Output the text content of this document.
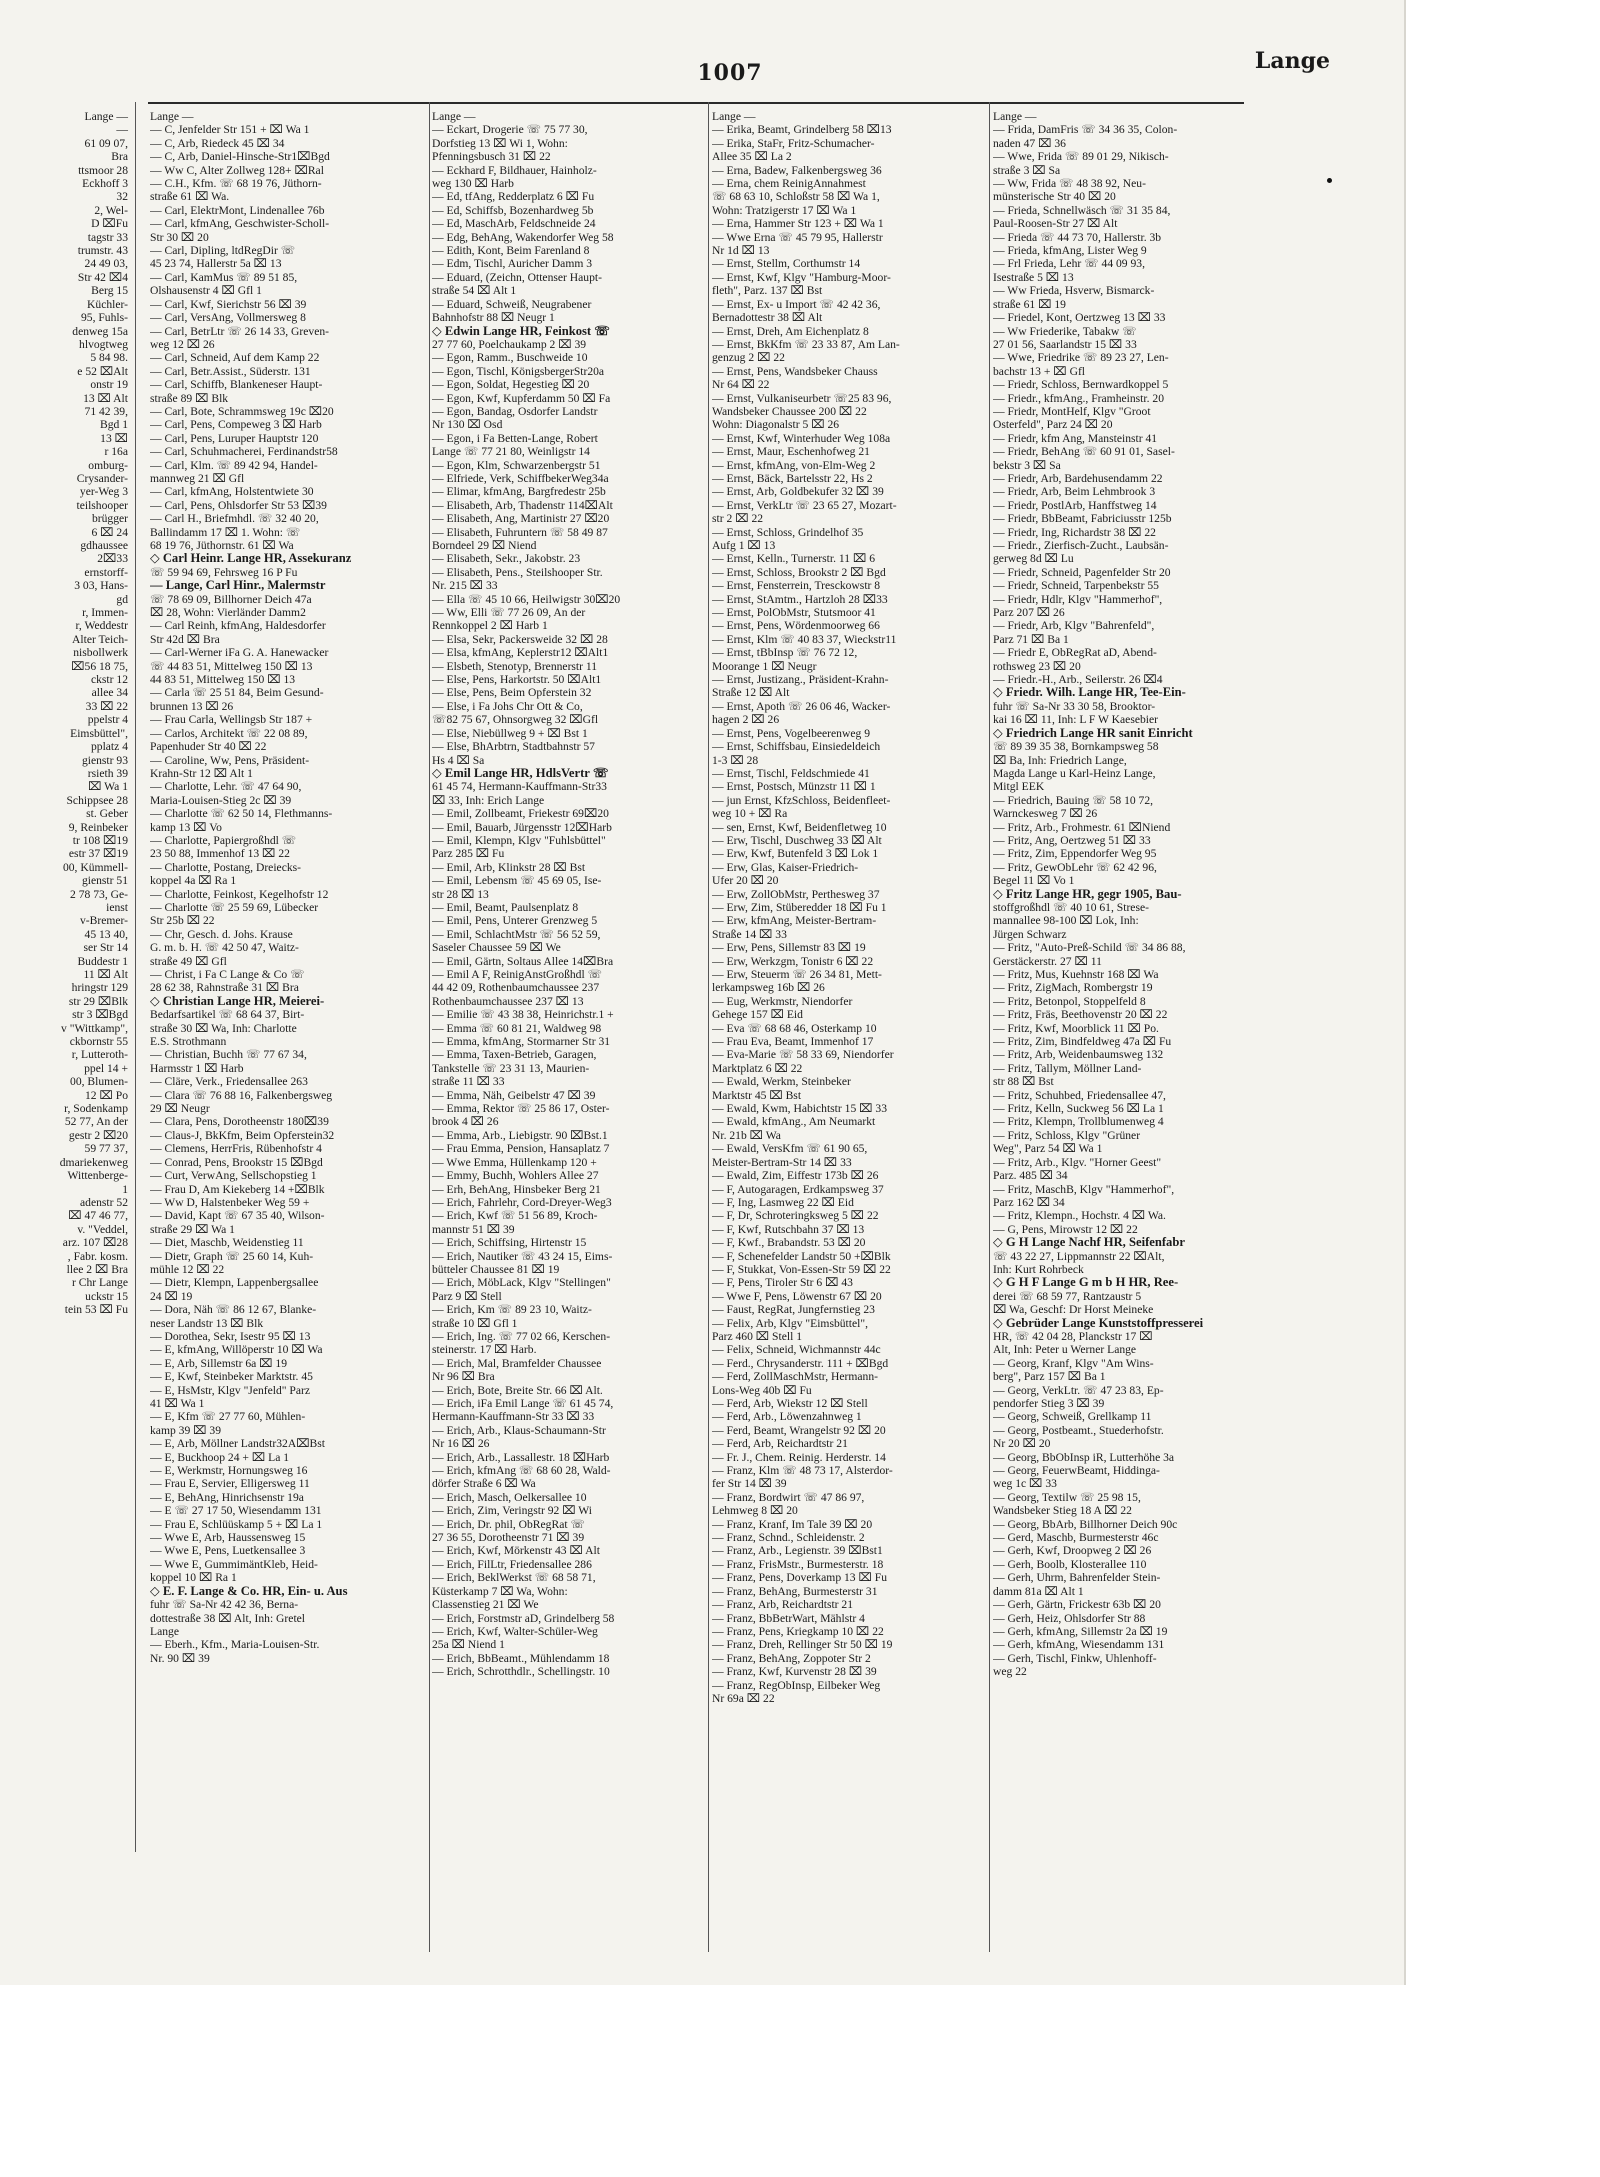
1007	Lange
Lange —
—
61 09 07,
Bra
ttsmoor 28
Eckhoff 3
32
2, Wel-
D ⌧Fu
tagstr 33
trumstr. 43
24 49 03,
Str 42 ⌧4
Berg 15
Küchler-
95, Fuhls-
denweg 15a
hlvogtweg
5 84 98.
e 52 ⌧Alt
onstr 19
13 ⌧ Alt
71 42 39,
Bgd 1
13 ⌧
r 16a
omburg-
Crysander-
yer-Weg 3
teilshooper
brügger
6 ⌧ 24
gdhaussee
2⌧33
ernstorff-
3 03, Hans-
gd
r, Immen-
r, Weddestr
Alter Teich-
nisbollwerk
⌧56 18 75,
ckstr 12
allee 34
33 ⌧ 22
ppelstr 4
Eimsbüttel",
pplatz 4
gienstr 93
rsieth 39
⌧ Wa 1
Schippsee 28
st. Geber
9, Reinbeker
tr 108 ⌧19
estr 37 ⌧19
00, Kümmell-
gienstr 51
2 78 73, Ge-
ienst
v-Bremer-
45 13 40,
ser Str 14
Buddestr 1
11 ⌧ Alt
hringstr 129
str 29 ⌧Blk
str 3 ⌧Bgd
v "Wittkamp",
ckbornstr 55
r, Lutteroth-
ppel 14 +
00, Blumen-
12 ⌧ Po
r, Sodenkamp
52 77, An der
gestr 2 ⌧20
59 77 37,
dmariekenweg
Wittenberge-
1
adenstr 52
⌧ 47 46 77,
v. "Veddel,
arz. 107 ⌧28
, Fabr. kosm.
llee 2 ⌧ Bra
r Chr Lange
uckstr 15
tein 53 ⌧ Fu
Lange —
— C, Jenfelder Str 151 + ⌧ Wa 1
— C, Arb, Riedeck 45 ⌧ 34
— C, Arb, Daniel-Hinsche-Str1⌧Bgd
— Ww C, Alter Zollweg 128+ ⌧Ral
— C.H., Kfm. ☏ 68 19 76, Jüthorn-
straße 61 ⌧ Wa.
— Carl, ElektrMont, Lindenallee 76b
— Carl, kfmAng, Geschwister-Scholl-
Str 30 ⌧ 20
— Carl, Dipling, ltdRegDir ☏
45 23 74, Hallerstr 5a ⌧ 13
— Carl, KamMus ☏ 89 51 85,
Olshausenstr 4 ⌧ Gfl 1
— Carl, Kwf, Sierichstr 56 ⌧ 39
— Carl, VersAng, Vollmersweg 8
— Carl, BetrLtr ☏ 26 14 33, Greven-
weg 12 ⌧ 26
— Carl, Schneid, Auf dem Kamp 22
— Carl, Betr.Assist., Süderstr. 131
— Carl, Schiffb, Blankeneser Haupt-
straße 89 ⌧ Blk
— Carl, Bote, Schrammsweg 19c ⌧20
— Carl, Pens, Compeweg 3 ⌧ Harb
— Carl, Pens, Luruper Hauptstr 120
— Carl, Schuhmacherei, Ferdinandstr58
— Carl, Klm. ☏ 89 42 94, Handel-
mannweg 21 ⌧ Gfl
— Carl, kfmAng, Holstentwiete 30
— Carl, Pens, Ohlsdorfer Str 53 ⌧39
— Carl H., Briefmhdl. ☏ 32 40 20,
Ballindamm 17 ⌧ 1. Wohn: ☏
68 19 76, Jüthornstr. 61 ⌧ Wa
◇ Carl Heinr. Lange HR, Assekuranz
☏ 59 94 69, Fehrsweg 16 P Fu
— Lange, Carl Hinr., Malermstr
☏ 78 69 09, Billhorner Deich 47a
⌧ 28, Wohn: Vierländer Damm2
— Carl Reinh, kfmAng, Haldesdorfer
Str 42d ⌧ Bra
— Carl-Werner iFa G. A. Hanewacker
☏ 44 83 51, Mittelweg 150 ⌧ 13
44 83 51, Mittelweg 150 ⌧ 13
— Carla ☏ 25 51 84, Beim Gesund-
brunnen 13 ⌧ 26
— Frau Carla, Wellingsb Str 187 +
— Carlos, Architekt ☏ 22 08 89,
Papenhuder Str 40 ⌧ 22
— Caroline, Ww, Pens, Präsident-
Krahn-Str 12 ⌧ Alt 1
— Charlotte, Lehr. ☏ 47 64 90,
Maria-Louisen-Stieg 2c ⌧ 39
— Charlotte ☏ 62 50 14, Flethmanns-
kamp 13 ⌧ Vo
— Charlotte, Papiergroßhdl ☏
23 50 88, Immenhof 13 ⌧ 22
— Charlotte, Postang, Dreiecks-
koppel 4a ⌧ Ra 1
— Charlotte, Feinkost, Kegelhofstr 12
— Charlotte ☏ 25 59 69, Lübecker
Str 25b ⌧ 22
— Chr, Gesch. d. Johs. Krause
G. m. b. H. ☏ 42 50 47, Waitz-
straße 49 ⌧ Gfl
— Christ, i Fa C Lange & Co ☏
28 62 38, Rahnstraße 31 ⌧ Bra
◇ Christian Lange HR, Meierei-
Bedarfsartikel ☏ 68 64 37, Birt-
straße 30 ⌧ Wa, Inh: Charlotte
E.S. Strothmann
— Christian, Buchh ☏ 77 67 34,
Harmsstr 1 ⌧ Harb
— Cläre, Verk., Friedensallee 263
— Clara ☏ 76 88 16, Falkenbergsweg
29 ⌧ Neugr
— Clara, Pens, Dorotheenstr 180⌧39
— Claus-J, BkKfm, Beim Opferstein32
— Clemens, HerrFris, Rübenhofstr 4
— Conrad, Pens, Brookstr 15 ⌧Bgd
— Curt, VerwAng, Sellschopstieg 1
— Frau D, Am Kiekeberg 14 +⌧Blk
— Ww D, Halstenbeker Weg 59 +
— David, Kapt ☏ 67 35 40, Wilson-
straße 29 ⌧ Wa 1
— Diet, Maschb, Weidenstieg 11
— Dietr, Graph ☏ 25 60 14, Kuh-
mühle 12 ⌧ 22
— Dietr, Klempn, Lappenbergsallee
24 ⌧ 19
— Dora, Näh ☏ 86 12 67, Blanke-
neser Landstr 13 ⌧ Blk
— Dorothea, Sekr, Isestr 95 ⌧ 13
— E, kfmAng, Willöperstr 10 ⌧ Wa
— E, Arb, Sillemstr 6a ⌧ 19
— E, Kwf, Steinbeker Marktstr. 45
— E, HsMstr, Klgv "Jenfeld" Parz
41 ⌧ Wa 1
— E, Kfm ☏ 27 77 60, Mühlen-
kamp 39 ⌧ 39
— E, Arb, Möllner Landstr32A⌧Bst
— E, Buckhoop 24 + ⌧ La 1
— E, Werkmstr, Hornungsweg 16
— Frau E, Servier, Elligersweg 11
— E, BehAng, Hinrichsenstr 19a
— E ☏ 27 17 50, Wiesendamm 131
— Frau E, Schlüüskamp 5 + ⌧ La 1
— Wwe E, Arb, Haussensweg 15
— Wwe E, Pens, Luetkensallee 3
— Wwe E, GummimäntKleb, Heid-
koppel 10 ⌧ Ra 1
◇ E. F. Lange & Co. HR, Ein- u. Aus
fuhr ☏ Sa-Nr 42 42 36, Berna-
dottestraße 38 ⌧ Alt, Inh: Gretel
Lange
— Eberh., Kfm., Maria-Louisen-Str.
Nr. 90 ⌧ 39
Lange —
— Eckart, Drogerie ☏ 75 77 30,
Dorfstieg 13 ⌧ Wi 1, Wohn:
Pfenningsbusch 31 ⌧ 22
— Eckhard F, Bildhauer, Hainholz-
weg 130 ⌧ Harb
— Ed, tfAng, Redderplatz 6 ⌧ Fu
— Ed, Schiffsb, Bozenhardweg 5b
— Ed, MaschArb, Feldschneide 24
— Edg, BehAng, Wakendorfer Weg 58
— Edith, Kont, Beim Farenland 8
— Edm, Tischl, Auricher Damm 3
— Eduard, (Zeichn, Ottenser Haupt-
straße 54 ⌧ Alt 1
— Eduard, Schweiß, Neugrabener
Bahnhofstr 88 ⌧ Neugr 1
◇ Edwin Lange HR, Feinkost ☏
27 77 60, Poelchaukamp 2 ⌧ 39
— Egon, Ramm., Buschweide 10
— Egon, Tischl, KönigsbergerStr20a
— Egon, Soldat, Hegestieg ⌧ 20
— Egon, Kwf, Kupferdamm 50 ⌧ Fa
— Egon, Bandag, Osdorfer Landstr
Nr 130 ⌧ Osd
— Egon, i Fa Betten-Lange, Robert
Lange ☏ 77 21 80, Weinligstr 14
— Egon, Klm, Schwarzenbergstr 51
— Elfriede, Verk, SchiffbekerWeg34a
— Elimar, kfmAng, Bargfredestr 25b
— Elisabeth, Arb, Thadenstr 114⌧Alt
— Elisabeth, Ang, Martinistr 27 ⌧20
— Elisabeth, Fuhruntern ☏ 58 49 87
Borndeel 29 ⌧ Niend
— Elisabeth, Sekr., Jakobstr. 23
— Elisabeth, Pens., Steilshooper Str.
Nr. 215 ⌧ 33
— Ella ☏ 45 10 66, Heilwigstr 30⌧20
— Ww, Elli ☏ 77 26 09, An der
Rennkoppel 2 ⌧ Harb 1
— Elsa, Sekr, Packersweide 32 ⌧ 28
— Elsa, kfmAng, Keplerstr12 ⌧Alt1
— Elsbeth, Stenotyp, Brennerstr 11
— Else, Pens, Harkortstr. 50 ⌧Alt1
— Else, Pens, Beim Opferstein 32
— Else, i Fa Johs Chr Ott & Co,
☏82 75 67, Ohnsorgweg 32 ⌧Gfl
— Else, Niebüllweg 9 + ⌧ Bst 1
— Else, BhArbtrn, Stadtbahnstr 57
Hs 4 ⌧ Sa
◇ Emil Lange HR, HdlsVertr ☏
61 45 74, Hermann-Kauffmann-Str33
⌧ 33, Inh: Erich Lange
— Emil, Zollbeamt, Friekestr 69⌧20
— Emil, Bauarb, Jürgensstr 12⌧Harb
— Emil, Klempn, Klgv "Fuhlsbüttel"
Parz 285 ⌧ Fu
— Emil, Arb, Klinkstr 28 ⌧ Bst
— Emil, Lebensm ☏ 45 69 05, Ise-
str 28 ⌧ 13
— Emil, Beamt, Paulsenplatz 8
— Emil, Pens, Unterer Grenzweg 5
— Emil, SchlachtMstr ☏ 56 52 59,
Saseler Chaussee 59 ⌧ We
— Emil, Gärtn, Soltaus Allee 14⌧Bra
— Emil A F, ReinigAnstGroßhdl ☏
44 42 09, Rothenbaumchaussee 237
Rothenbaumchaussee 237 ⌧ 13
— Emilie ☏ 43 38 38, Heinrichstr.1 +
— Emma ☏ 60 81 21, Waldweg 98
— Emma, kfmAng, Stormarner Str 31
— Emma, Taxen-Betrieb, Garagen,
Tankstelle ☏ 23 31 13, Maurien-
straße 11 ⌧ 33
— Emma, Näh, Geibelstr 47 ⌧ 39
— Emma, Rektor ☏ 25 86 17, Oster-
brook 4 ⌧ 26
— Emma, Arb., Liebigstr. 90 ⌧Bst.1
— Frau Emma, Pension, Hansaplatz 7
— Wwe Emma, Hüllenkamp 120 +
— Emmy, Buchh, Wohlers Allee 27
— Erh, BehAng, Hinsbeker Berg 21
— Erich, Fahrlehr, Cord-Dreyer-Weg3
— Erich, Kwf ☏ 51 56 89, Kroch-
mannstr 51 ⌧ 39
— Erich, Schiffsing, Hirtenstr 15
— Erich, Nautiker ☏ 43 24 15, Eims-
bütteler Chaussee 81 ⌧ 19
— Erich, MöbLack, Klgv "Stellingen"
Parz 9 ⌧ Stell
— Erich, Km ☏ 89 23 10, Waitz-
straße 10 ⌧ Gfl 1
— Erich, Ing. ☏ 77 02 66, Kerschen-
steinerstr. 17 ⌧ Harb.
— Erich, Mal, Bramfelder Chaussee
Nr 96 ⌧ Bra
— Erich, Bote, Breite Str. 66 ⌧ Alt.
— Erich, iFa Emil Lange ☏ 61 45 74,
Hermann-Kauffmann-Str 33 ⌧ 33
— Erich, Arb., Klaus-Schaumann-Str
Nr 16 ⌧ 26
— Erich, Arb., Lassallestr. 18 ⌧Harb
— Erich, kfmAng ☏ 68 60 28, Wald-
dörfer Straße 6 ⌧ Wa
— Erich, Masch, Oelkersallee 10
— Erich, Zim, Veringstr 92 ⌧ Wi
— Erich, Dr. phil, ObRegRat ☏
27 36 55, Dorotheenstr 71 ⌧ 39
— Erich, Kwf, Mörkenstr 43 ⌧ Alt
— Erich, FilLtr, Friedensallee 286
— Erich, BeklWerkst ☏ 68 58 71,
Küsterkamp 7 ⌧ Wa, Wohn:
Classenstieg 21 ⌧ We
— Erich, Forstmstr aD, Grindelberg 58
— Erich, Kwf, Walter-Schüler-Weg
25a ⌧ Niend 1
— Erich, BbBeamt., Mühlendamm 18
— Erich, Schrotthdlr., Schellingstr. 10
Lange —
— Erika, Beamt, Grindelberg 58 ⌧13
— Erika, StaFr, Fritz-Schumacher-
Allee 35 ⌧ La 2
— Erna, Badew, Falkenbergsweg 36
— Erna, chem ReinigAnnahmest
☏ 68 63 10, Schloßstr 58 ⌧ Wa 1,
Wohn: Tratzigerstr 17 ⌧ Wa 1
— Erna, Hammer Str 123 + ⌧ Wa 1
— Wwe Erna ☏ 45 79 95, Hallerstr
Nr 1d ⌧ 13
— Ernst, Stellm, Corthumstr 14
— Ernst, Kwf, Klgv "Hamburg-Moor-
fleth", Parz. 137 ⌧ Bst
— Ernst, Ex- u Import ☏ 42 42 36,
Bernadottestr 38 ⌧ Alt
— Ernst, Dreh, Am Eichenplatz 8
— Ernst, BkKfm ☏ 23 33 87, Am Lan-
genzug 2 ⌧ 22
— Ernst, Pens, Wandsbeker Chauss
Nr 64 ⌧ 22
— Ernst, Vulkaniseurbetr ☏25 83 96,
Wandsbeker Chaussee 200 ⌧ 22
Wohn: Diagonalstr 5 ⌧ 26
— Ernst, Kwf, Winterhuder Weg 108a
— Ernst, Maur, Eschenhofweg 21
— Ernst, kfmAng, von-Elm-Weg 2
— Ernst, Bäck, Bartelsstr 22, Hs 2
— Ernst, Arb, Goldbekufer 32 ⌧ 39
— Ernst, VerkLtr ☏ 23 65 27, Mozart-
str 2 ⌧ 22
— Ernst, Schloss, Grindelhof 35
Aufg 1 ⌧ 13
— Ernst, Kelln., Turnerstr. 11 ⌧ 6
— Ernst, Schloss, Brookstr 2 ⌧ Bgd
— Ernst, Fensterrein, Tresckowstr 8
— Ernst, StAmtm., Hartzloh 28 ⌧33
— Ernst, PolObMstr, Stutsmoor 41
— Ernst, Pens, Wördenmoorweg 66
— Ernst, Klm ☏ 40 83 37, Wieckstr11
— Ernst, tBbInsp ☏ 76 72 12,
Moorange 1 ⌧ Neugr
— Ernst, Justizang., Präsident-Krahn-
Straße 12 ⌧ Alt
— Ernst, Apoth ☏ 26 06 46, Wacker-
hagen 2 ⌧ 26
— Ernst, Pens, Vogelbeerenweg 9
— Ernst, Schiffsbau, Einsiedeldeich
1-3 ⌧ 28
— Ernst, Tischl, Feldschmiede 41
— Ernst, Postsch, Münzstr 11 ⌧ 1
— jun Ernst, KfzSchloss, Beidenfleet-
weg 10 + ⌧ Ra
— sen, Ernst, Kwf, Beidenfletweg 10
— Erw, Tischl, Duschweg 33 ⌧ Alt
— Erw, Kwf, Butenfeld 3 ⌧ Lok 1
— Erw, Glas, Kaiser-Friedrich-
Ufer 20 ⌧ 20
— Erw, ZollObMstr, Perthesweg 37
— Erw, Zim, Stüberedder 18 ⌧ Fu 1
— Erw, kfmAng, Meister-Bertram-
Straße 14 ⌧ 33
— Erw, Pens, Sillemstr 83 ⌧ 19
— Erw, Werkzgm, Tonistr 6 ⌧ 22
— Erw, Steuerm ☏ 26 34 81, Mett-
lerkampsweg 16b ⌧ 26
— Eug, Werkmstr, Niendorfer
Gehege 157 ⌧ Eid
— Eva ☏ 68 68 46, Osterkamp 10
— Frau Eva, Beamt, Immenhof 17
— Eva-Marie ☏ 58 33 69, Niendorfer
Marktplatz 6 ⌧ 22
— Ewald, Werkm, Steinbeker
Marktstr 45 ⌧ Bst
— Ewald, Kwm, Habichtstr 15 ⌧ 33
— Ewald, kfmAng., Am Neumarkt
Nr. 21b ⌧ Wa
— Ewald, VersKfm ☏ 61 90 65,
Meister-Bertram-Str 14 ⌧ 33
— Ewald, Zim, Eiffestr 173b ⌧ 26
— F, Autogaragen, Erdkampsweg 37
— F, Ing, Lasmweg 22 ⌧ Eid
— F, Dr, Schroteringksweg 5 ⌧ 22
— F, Kwf, Rutschbahn 37 ⌧ 13
— F, Kwf., Brabandstr. 53 ⌧ 20
— F, Schenefelder Landstr 50 +⌧Blk
— F, Stukkat, Von-Essen-Str 59 ⌧ 22
— F, Pens, Tiroler Str 6 ⌧ 43
— Wwe F, Pens, Löwenstr 67 ⌧ 20
— Faust, RegRat, Jungfernstieg 23
— Felix, Arb, Klgv "Eimsbüttel",
Parz 460 ⌧ Stell 1
— Felix, Schneid, Wichmannstr 44c
— Ferd., Chrysanderstr. 111 + ⌧Bgd
— Ferd, ZollMaschMstr, Hermann-
Lons-Weg 40b ⌧ Fu
— Ferd, Arb, Wiekstr 12 ⌧ Stell
— Ferd, Arb., Löwenzahnweg 1
— Ferd, Beamt, Wrangelstr 92 ⌧ 20
— Ferd, Arb, Reichardtstr 21
— Fr. J., Chem. Reinig. Herderstr. 14
— Franz, Klm ☏ 48 73 17, Alsterdor-
fer Str 14 ⌧ 39
— Franz, Bordwirt ☏ 47 86 97,
Lehmweg 8 ⌧ 20
— Franz, Kranf, Im Tale 39 ⌧ 20
— Franz, Schnd., Schleidenstr. 2
— Franz, Arb., Legienstr. 39 ⌧Bst1
— Franz, FrisMstr., Burmesterstr. 18
— Franz, Pens, Doverkamp 13 ⌧ Fu
— Franz, BehAng, Burmesterstr 31
— Franz, Arb, Reichardtstr 21
— Franz, BbBetrWart, Mählstr 4
— Franz, Pens, Kriegkamp 10 ⌧ 22
— Franz, Dreh, Rellinger Str 50 ⌧ 19
— Franz, BehAng, Zoppoter Str 2
— Franz, Kwf, Kurvenstr 28 ⌧ 39
— Franz, RegObInsp, Eilbeker Weg
Nr 69a ⌧ 22
Lange —
— Frida, DamFris ☏ 34 36 35, Colon-
naden 47 ⌧ 36
— Wwe, Frida ☏ 89 01 29, Nikisch-
straße 3 ⌧ Sa
— Ww, Frida ☏ 48 38 92, Neu-
münsterische Str 40 ⌧ 20
— Frieda, Schnellwäsch ☏ 31 35 84,
Paul-Roosen-Str 27 ⌧ Alt
— Frieda ☏ 44 73 70, Hallerstr. 3b
— Frieda, kfmAng, Lister Weg 9
— Frl Frieda, Lehr ☏ 44 09 93,
Isestraße 5 ⌧ 13
— Ww Frieda, Hsverw, Bismarck-
straße 61 ⌧ 19
— Friedel, Kont, Oertzweg 13 ⌧ 33
— Ww Friederike, Tabakw ☏
27 01 56, Saarlandstr 15 ⌧ 33
— Wwe, Friedrike ☏ 89 23 27, Len-
bachstr 13 + ⌧ Gfl
— Friedr, Schloss, Bernwardkoppel 5
— Friedr., kfmAng., Framheinstr. 20
— Friedr, MontHelf, Klgv "Groot
Osterfeld", Parz 24 ⌧ 20
— Friedr, kfm Ang, Mansteinstr 41
— Friedr, BehAng ☏ 60 91 01, Sasel-
bekstr 3 ⌧ Sa
— Friedr, Arb, Bardehusendamm 22
— Friedr, Arb, Beim Lehmbrook 3
— Friedr, PostlArb, Hanffstweg 14
— Friedr, BbBeamt, Fabriciusstr 125b
— Friedr, Ing, Richardstr 38 ⌧ 22
— Friedr., Zierfisch-Zucht., Laubsän-
gerweg 8d ⌧ Lu
— Friedr, Schneid, Pagenfelder Str 20
— Friedr, Schneid, Tarpenbekstr 55
— Friedr, Hdlr, Klgv "Hammerhof",
Parz 207 ⌧ 26
— Friedr, Arb, Klgv "Bahrenfeld",
Parz 71 ⌧ Ba 1
— Friedr E, ObRegRat aD, Abend-
rothsweg 23 ⌧ 20
— Friedr.-H., Arb., Seilerstr. 26 ⌧4
◇ Friedr. Wilh. Lange HR, Tee-Ein-
fuhr ☏ Sa-Nr 33 30 58, Brooktor-
kai 16 ⌧ 11, Inh: L F W Kaesebier
◇ Friedrich Lange HR sanit Einricht
☏ 89 39 35 38, Bornkampsweg 58
⌧ Ba, Inh: Friedrich Lange,
Magda Lange u Karl-Heinz Lange,
Mitgl EEK
— Friedrich, Bauing ☏ 58 10 72,
Warnckesweg 7 ⌧ 26
— Fritz, Arb., Frohmestr. 61 ⌧Niend
— Fritz, Ang, Oertzweg 51 ⌧ 33
— Fritz, Zim, Eppendorfer Weg 95
— Fritz, GewObLehr ☏ 62 42 96,
Begel 11 ⌧ Vo 1
◇ Fritz Lange HR, gegr 1905, Bau-
stoffgroßhdl ☏ 40 10 61, Strese-
mannallee 98-100 ⌧ Lok, Inh:
Jürgen Schwarz
— Fritz, "Auto-Preß-Schild ☏ 34 86 88,
Gerstäckerstr. 27 ⌧ 11
— Fritz, Mus, Kuehnstr 168 ⌧ Wa
— Fritz, ZigMach, Rombergstr 19
— Fritz, Betonpol, Stoppelfeld 8
— Fritz, Fräs, Beethovenstr 20 ⌧ 22
— Fritz, Kwf, Moorblick 11 ⌧ Po.
— Fritz, Zim, Bindfeldweg 47a ⌧ Fu
— Fritz, Arb, Weidenbaumsweg 132
— Fritz, Tallym, Möllner Land-
str 88 ⌧ Bst
— Fritz, Schuhbed, Friedensallee 47,
— Fritz, Kelln, Suckweg 56 ⌧ La 1
— Fritz, Klempn, Trollblumenweg 4
— Fritz, Schloss, Klgv "Grüner
Weg", Parz 54 ⌧ Wa 1
— Fritz, Arb., Klgv. "Horner Geest"
Parz. 485 ⌧ 34
— Fritz, MaschB, Klgv "Hammerhof",
Parz 162 ⌧ 34
— Fritz, Klempn., Hochstr. 4 ⌧ Wa.
— G, Pens, Mirowstr 12 ⌧ 22
◇ G H Lange Nachf HR, Seifenfabr
☏ 43 22 27, Lippmannstr 22 ⌧Alt,
Inh: Kurt Rohrbeck
◇ G H F Lange G m b H HR, Ree-
derei ☏ 68 59 77, Rantzaustr 5
⌧ Wa, Geschf: Dr Horst Meineke
◇ Gebrüder Lange Kunststoffpresserei
HR, ☏ 42 04 28, Planckstr 17 ⌧
Alt, Inh: Peter u Werner Lange
— Georg, Kranf, Klgv "Am Wins-
berg", Parz 157 ⌧ Ba 1
— Georg, VerkLtr. ☏ 47 23 83, Ep-
pendorfer Stieg 3 ⌧ 39
— Georg, Schweiß, Grellkamp 11
— Georg, Postbeamt., Stuederhofstr.
Nr 20 ⌧ 20
— Georg, BbObInsp iR, Lutterhöhe 3a
— Georg, FeuerwBeamt, Hiddinga-
weg 1c ⌧ 33
— Georg, Textilw ☏ 25 98 15,
Wandsbeker Stieg 18 A ⌧ 22
— Georg, BbArb, Billhorner Deich 90c
— Gerd, Maschb, Burmesterstr 46c
— Gerh, Kwf, Droopweg 2 ⌧ 26
— Gerh, Boolb, Klosterallee 110
— Gerh, Uhrm, Bahrenfelder Stein-
damm 81a ⌧ Alt 1
— Gerh, Gärtn, Frickestr 63b ⌧ 20
— Gerh, Heiz, Ohlsdorfer Str 88
— Gerh, kfmAng, Sillemstr 2a ⌧ 19
— Gerh, kfmAng, Wiesendamm 131
— Gerh, Tischl, Finkw, Uhlenhoff-
weg 22
